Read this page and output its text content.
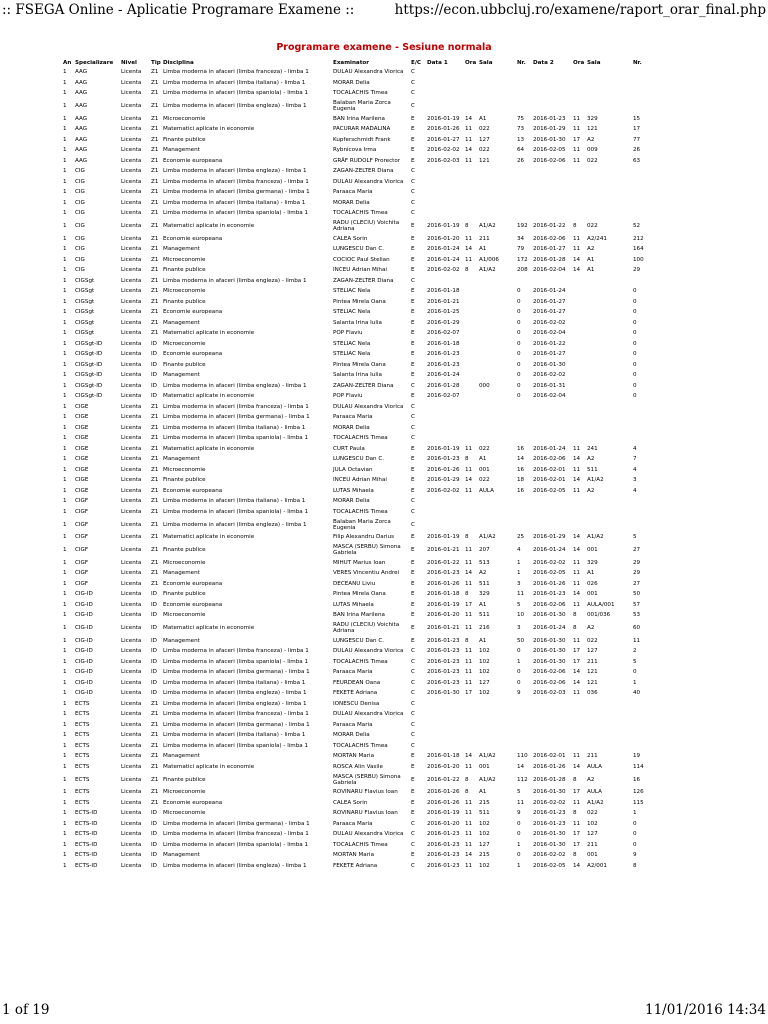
:: FSEGA Online - Aplicatie Programare Examene ::	https://econ.ubbcluj.ro/examene/raport_orar_final.php
Programare examene - Sesiune normala
An	Specializare	Nivel	Tip	Disciplina	Examinator	E/C	Data 1	Ora	Sala	Nr.	Data 2	Ora	Sala	Nr.
1	AAG	Licenta	Z1	Limba moderna in afaceri (limba franceza) - limba 1	DULAU Alexandra Viorica	C								
1	AAG	Licenta	Z1	Limba moderna in afaceri (limba italiana) - limba 1	MORAR Delia	C								
1	AAG	Licenta	Z1	Limba moderna in afaceri (limba spaniola) - limba 1	TOCALACHIS Timea	C								
1	AAG	Licenta	Z1	Limba moderna in afaceri (limba engleza) - limba 1	Balaban Maria Zorca Eugenia	C								
1	AAG	Licenta	Z1	Microeconomie	BAN Irina Marilena	E	2016-01-19	14	A1	75	2016-01-23	11	329	15
1	AAG	Licenta	Z1	Matematici aplicate in economie	PACURAR MADALINA	E	2016-01-26	11	022	73	2016-01-29	11	121	17
1	AAG	Licenta	Z1	Finante publice	Kupferschmidt Frank	E	2016-01-27	11	127	13	2016-01-30	17	A2	77
1	AAG	Licenta	Z1	Management	Rybnicova Irma	E	2016-02-02	14	022	64	2016-02-05	11	009	26
1	AAG	Licenta	Z1	Economie europeana	GRÄF RUDOLF Prorector	E	2016-02-03	11	121	26	2016-02-06	11	022	63
1	CIG	Licenta	Z1	Limba moderna in afaceri (limba engleza) - limba 1	ZAGAN-ZELTER Diana	C								
1	CIG	Licenta	Z1	Limba moderna in afaceri (limba franceza) - limba 1	DULAU Alexandra Viorica	C								
1	CIG	Licenta	Z1	Limba moderna in afaceri (limba germana) - limba 1	Paraaca Maria	C								
1	CIG	Licenta	Z1	Limba moderna in afaceri (limba italiana) - limba 1	MORAR Delia	C								
1	CIG	Licenta	Z1	Limba moderna in afaceri (limba spaniola) - limba 1	TOCALACHIS Timea	C								
1	CIG	Licenta	Z1	Matematici aplicate in economie	RADU (CLECIU) Voichita Adriana	E	2016-01-19	8	A1/A2	192	2016-01-22	8	022	52
1	CIG	Licenta	Z1	Economie europeana	CALEA Sorin	E	2016-01-20	11	211	34	2016-02-06	11	A2/241	212
1	CIG	Licenta	Z1	Management	LUNGESCU Dan C.	E	2016-01-24	14	A1	79	2016-01-27	11	A2	164
1	CIG	Licenta	Z1	Microeconomie	COCIOC Paul Stelian	E	2016-01-24	11	A1/006	172	2016-01-28	14	A1	100
1	CIG	Licenta	Z1	Finante publice	INCEU Adrian Mihai	E	2016-02-02	8	A1/A2	208	2016-02-04	14	A1	29
1	CIGSgt	Licenta	Z1	Limba moderna in afaceri (limba engleza) - limba 1	ZAGAN-ZELTER Diana	C								
1	CIGSgt	Licenta	Z1	Microeconomie	STELIAC Nela	E	2016-01-18			0	2016-01-24			0
1	CIGSgt	Licenta	Z1	Finante publice	Pintea Mirela Oana	E	2016-01-21			0	2016-01-27			0
1	CIGSgt	Licenta	Z1	Economie europeana	STELIAC Nela	E	2016-01-25			0	2016-01-27			0
1	CIGSgt	Licenta	Z1	Management	Salanta Irina Iulia	E	2016-01-29			0	2016-02-02			0
1	CIGSgt	Licenta	Z1	Matematici aplicate in economie	POP Flaviu	E	2016-02-07			0	2016-02-04			0
1	CIGSgt-ID	Licenta	ID	Microeconomie	STELIAC Nela	E	2016-01-18			0	2016-01-22			0
1	CIGSgt-ID	Licenta	ID	Economie europeana	STELIAC Nela	E	2016-01-23			0	2016-01-27			0
1	CIGSgt-ID	Licenta	ID	Finante publice	Pintea Mirela Oana	E	2016-01-23			0	2016-01-30			0
1	CIGSgt-ID	Licenta	ID	Management	Salanta Irina Iulia	E	2016-01-24			0	2016-02-02			0
1	CIGSgt-ID	Licenta	ID	Limba moderna in afaceri (limba engleza) - limba 1	ZAGAN-ZELTER Diana	C	2016-01-28		000	0	2016-01-31			0
1	CIGSgt-ID	Licenta	ID	Matematici aplicate in economie	POP Flaviu	E	2016-02-07			0	2016-02-04			0
1	CIGE	Licenta	Z1	Limba moderna in afaceri (limba franceza) - limba 1	DULAU Alexandra Viorica	C								
1	CIGE	Licenta	Z1	Limba moderna in afaceri (limba germana) - limba 1	Paraaca Maria	C								
1	CIGE	Licenta	Z1	Limba moderna in afaceri (limba italiana) - limba 1	MORAR Delia	C								
1	CIGE	Licenta	Z1	Limba moderna in afaceri (limba spaniola) - limba 1	TOCALACHIS Timea	C								
1	CIGE	Licenta	Z1	Matematici aplicate in economie	CURT Paula	E	2016-01-19	11	022	16	2016-01-24	11	241	4
1	CIGE	Licenta	Z1	Management	LUNGESCU Dan C.	E	2016-01-23	8	A1	14	2016-02-06	14	A2	7
1	CIGE	Licenta	Z1	Microeconomie	JULA Octavian	E	2016-01-26	11	001	16	2016-02-01	11	511	4
1	CIGE	Licenta	Z1	Finante publice	INCEU Adrian Mihai	E	2016-01-29	14	022	18	2016-02-01	14	A1/A2	3
1	CIGE	Licenta	Z1	Economie europeana	LUTAS Mihaela	E	2016-02-02	11	AULA	16	2016-02-05	11	A2	4
1	CIGF	Licenta	Z1	Limba moderna in afaceri (limba italiana) - limba 1	MORAR Delia	C								
1	CIGF	Licenta	Z1	Limba moderna in afaceri (limba spaniola) - limba 1	TOCALACHIS Timea	C								
1	CIGF	Licenta	Z1	Limba moderna in afaceri (limba engleza) - limba 1	Balaban Maria Zorca Eugenia	C								
1	CIGF	Licenta	Z1	Matematici aplicate in economie	Filip Alexandru Darius	E	2016-01-19	8	A1/A2	25	2016-01-29	14	A1/A2	5
1	CIGF	Licenta	Z1	Finante publice	MASCA (SERBU) Simona Gabriela	E	2016-01-21	11	207	4	2016-01-24	14	001	27
1	CIGF	Licenta	Z1	Microeconomie	MIHUT Marius Ioan	E	2016-01-22	11	513	1	2016-02-02	11	329	29
1	CIGF	Licenta	Z1	Management	VERES Vincentiu Andrei	E	2016-01-23	14	A2	1	2016-02-05	11	A1	29
1	CIGF	Licenta	Z1	Economie europeana	DECEANU Liviu	E	2016-01-26	11	511	3	2016-01-26	11	026	27
1	CIG-ID	Licenta	ID	Finante publice	Pintea Mirela Oana	E	2016-01-18	8	329	11	2016-01-23	14	001	50
1	CIG-ID	Licenta	ID	Economie europeana	LUTAS Mihaela	E	2016-01-19	17	A1	5	2016-02-06	11	AULA/001	57
1	CIG-ID	Licenta	ID	Microeconomie	BAN Irina Marilena	E	2016-01-20	11	511	10	2016-01-30	8	001/036	53
1	CIG-ID	Licenta	ID	Matematici aplicate in economie	RADU (CLECIU) Voichita Adriana	E	2016-01-21	11	216	3	2016-01-24	8	A2	60
1	CIG-ID	Licenta	ID	Management	LUNGESCU Dan C.	E	2016-01-23	8	A1	50	2016-01-30	11	022	11
1	CIG-ID	Licenta	ID	Limba moderna in afaceri (limba franceza) - limba 1	DULAU Alexandra Viorica	C	2016-01-23	11	102	0	2016-01-30	17	127	2
1	CIG-ID	Licenta	ID	Limba moderna in afaceri (limba spaniola) - limba 1	TOCALACHIS Timea	C	2016-01-23	11	102	1	2016-01-30	17	211	5
1	CIG-ID	Licenta	ID	Limba moderna in afaceri (limba germana) - limba 1	Paraaca Maria	C	2016-01-23	11	102	0	2016-02-06	14	121	0
1	CIG-ID	Licenta	ID	Limba moderna in afaceri (limba italiana) - limba 1	FEURDEAN Oana	C	2016-01-23	11	127	0	2016-02-06	14	121	1
1	CIG-ID	Licenta	ID	Limba moderna in afaceri (limba engleza) - limba 1	FEKETE Adriana	C	2016-01-30	17	102	9	2016-02-03	11	036	40
1	ECTS	Licenta	Z1	Limba moderna in afaceri (limba engleza) - limba 1	IONESCU Denisa	C								
1	ECTS	Licenta	Z1	Limba moderna in afaceri (limba franceza) - limba 1	DULAU Alexandra Viorica	C								
1	ECTS	Licenta	Z1	Limba moderna in afaceri (limba germana) - limba 1	Paraaca Maria	C								
1	ECTS	Licenta	Z1	Limba moderna in afaceri (limba italiana) - limba 1	MORAR Delia	C								
1	ECTS	Licenta	Z1	Limba moderna in afaceri (limba spaniola) - limba 1	TOCALACHIS Timea	C								
1	ECTS	Licenta	Z1	Management	MORTAN Maria	E	2016-01-18	14	A1/A2	110	2016-02-01	11	211	19
1	ECTS	Licenta	Z1	Matematici aplicate in economie	ROSCA Alin Vasile	E	2016-01-20	11	001	14	2016-01-26	14	AULA	114
1	ECTS	Licenta	Z1	Finante publice	MASCA (SERBU) Simona Gabriela	E	2016-01-22	8	A1/A2	112	2016-01-28	8	A2	16
1	ECTS	Licenta	Z1	Microeconomie	ROVINARU Flavius Ioan	E	2016-01-26	8	A1	5	2016-01-30	17	AULA	126
1	ECTS	Licenta	Z1	Economie europeana	CALEA Sorin	E	2016-01-26	11	215	11	2016-02-02	11	A1/A2	115
1	ECTS-ID	Licenta	ID	Microeconomie	ROVINARU Flavius Ioan	E	2016-01-19	11	511	9	2016-01-23	8	022	1
1	ECTS-ID	Licenta	ID	Limba moderna in afaceri (limba germana) - limba 1	Paraaca Maria	C	2016-01-20	11	102	0	2016-01-23	11	102	0
1	ECTS-ID	Licenta	ID	Limba moderna in afaceri (limba franceza) - limba 1	DULAU Alexandra Viorica	C	2016-01-23	11	102	0	2016-01-30	17	127	0
1	ECTS-ID	Licenta	ID	Limba moderna in afaceri (limba spaniola) - limba 1	TOCALACHIS Timea	C	2016-01-23	11	127	1	2016-01-30	17	211	0
1	ECTS-ID	Licenta	ID	Management	MORTAN Maria	E	2016-01-23	14	215	0	2016-02-02	8	001	9
1	ECTS-ID	Licenta	ID	Limba moderna in afaceri (limba engleza) - limba 1	FEKETE Adriana	C	2016-01-23	11	102	1	2016-02-05	14	A2/001	8
1 of 19	11/01/2016 14:34
